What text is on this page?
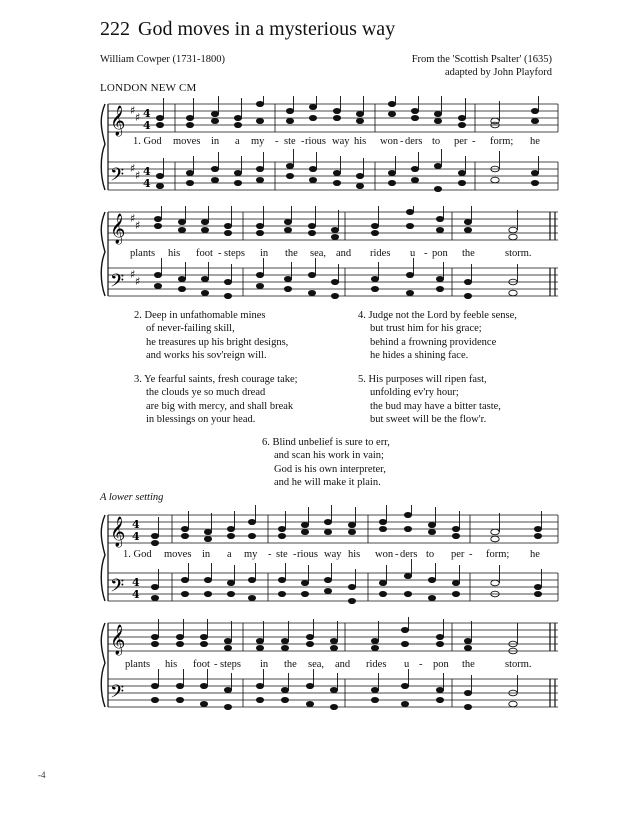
222 God moves in a mysterious way
William Cowper (1731-1800)	From the 'Scottish Psalter' (1635)
adapted by John Playford
LONDON NEW CM
𝄞
𝄢
♯
♯
♯
♯
4
4
4
4
1. God moves in a my - ste - rious way his won - ders to per - form; he
𝄞
𝄢
♯
♯
♯
♯
plants his foot - steps in the sea, and rides u - pon the	storm.
2. Deep in unfathomable mines
of never-failing skill,
he treasures up his bright designs,
and works his sov'reign will.
3. Ye fearful saints, fresh courage take;
the clouds ye so much dread
are big with mercy, and shall break
in blessings on your head.
4. Judge not the Lord by feeble sense,
but trust him for his grace;
behind a frowning providence
he hides a shining face.
5. His purposes will ripen fast,
unfolding ev'ry hour;
the bud may have a bitter taste,
but sweet will be the flow'r.
6. Blind unbelief is sure to err,
and scan his work in vain;
God is his own interpreter,
and he will make it plain.
A lower setting
𝄞
𝄢
4
4
4
4
1. God moves in a my - ste - rious way his won - ders to per - form; he
𝄞
𝄢
plants his foot - steps in the sea, and rides u - pon the	storm.
-4
